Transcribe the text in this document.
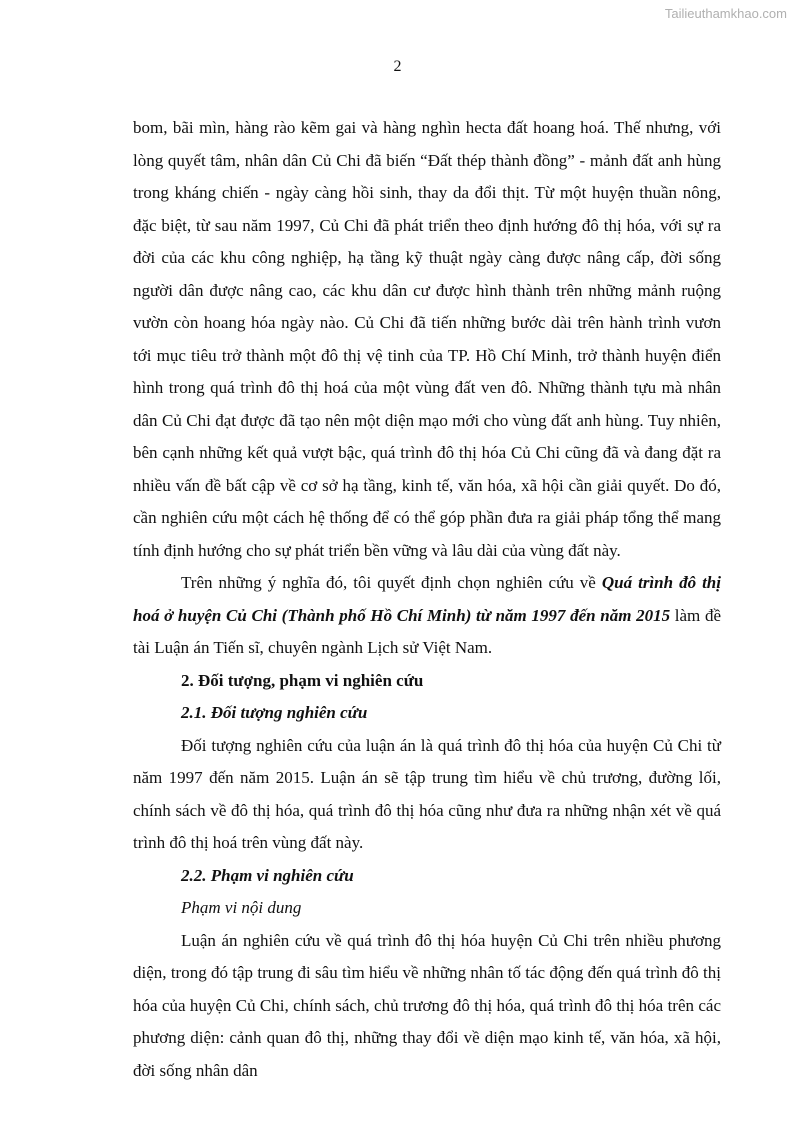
Tailieuthamkhao.com
2

bom, bãi mìn, hàng rào kẽm gai và hàng nghìn hecta đất hoang hoá. Thế nhưng, với lòng quyết tâm, nhân dân Củ Chi đã biến “Đất thép thành đồng” - mảnh đất anh hùng trong kháng chiến - ngày càng hồi sinh, thay da đổi thịt. Từ một huyện thuần nông, đặc biệt, từ sau năm 1997, Củ Chi đã phát triển theo định hướng đô thị hóa, với sự ra đời của các khu công nghiệp, hạ tầng kỹ thuật ngày càng được nâng cấp, đời sống người dân được nâng cao, các khu dân cư được hình thành trên những mảnh ruộng vườn còn hoang hóa ngày nào. Củ Chi đã tiến những bước dài trên hành trình vươn tới mục tiêu trở thành một đô thị vệ tinh của TP. Hồ Chí Minh, trở thành huyện điển hình trong quá trình đô thị hoá của một vùng đất ven đô. Những thành tựu mà nhân dân Củ Chi đạt được đã tạo nên một diện mạo mới cho vùng đất anh hùng. Tuy nhiên, bên cạnh những kết quả vượt bậc, quá trình đô thị hóa Củ Chi cũng đã và đang đặt ra nhiều vấn đề bất cập về cơ sở hạ tầng, kinh tế, văn hóa, xã hội cần giải quyết. Do đó, cần nghiên cứu một cách hệ thống để có thể góp phần đưa ra giải pháp tổng thể mang tính định hướng cho sự phát triển bền vững và lâu dài của vùng đất này.

Trên những ý nghĩa đó, tôi quyết định chọn nghiên cứu về Quá trình đô thị hoá ở huyện Củ Chi (Thành phố Hồ Chí Minh) từ năm 1997 đến năm 2015 làm đề tài Luận án Tiến sĩ, chuyên ngành Lịch sử Việt Nam.

2. Đối tượng, phạm vi nghiên cứu

2.1. Đối tượng nghiên cứu

Đối tượng nghiên cứu của luận án là quá trình đô thị hóa của huyện Củ Chi từ năm 1997 đến năm 2015. Luận án sẽ tập trung tìm hiểu về chủ trương, đường lối, chính sách về đô thị hóa, quá trình đô thị hóa cũng như đưa ra những nhận xét về quá trình đô thị hoá trên vùng đất này.

2.2. Phạm vi nghiên cứu

Phạm vi nội dung

Luận án nghiên cứu về quá trình đô thị hóa huyện Củ Chi trên nhiều phương diện, trong đó tập trung đi sâu tìm hiểu về những nhân tố tác động đến quá trình đô thị hóa của huyện Củ Chi, chính sách, chủ trương đô thị hóa, quá trình đô thị hóa trên các phương diện: cảnh quan đô thị, những thay đổi về diện mạo kinh tế, văn hóa, xã hội, đời sống nhân dân
